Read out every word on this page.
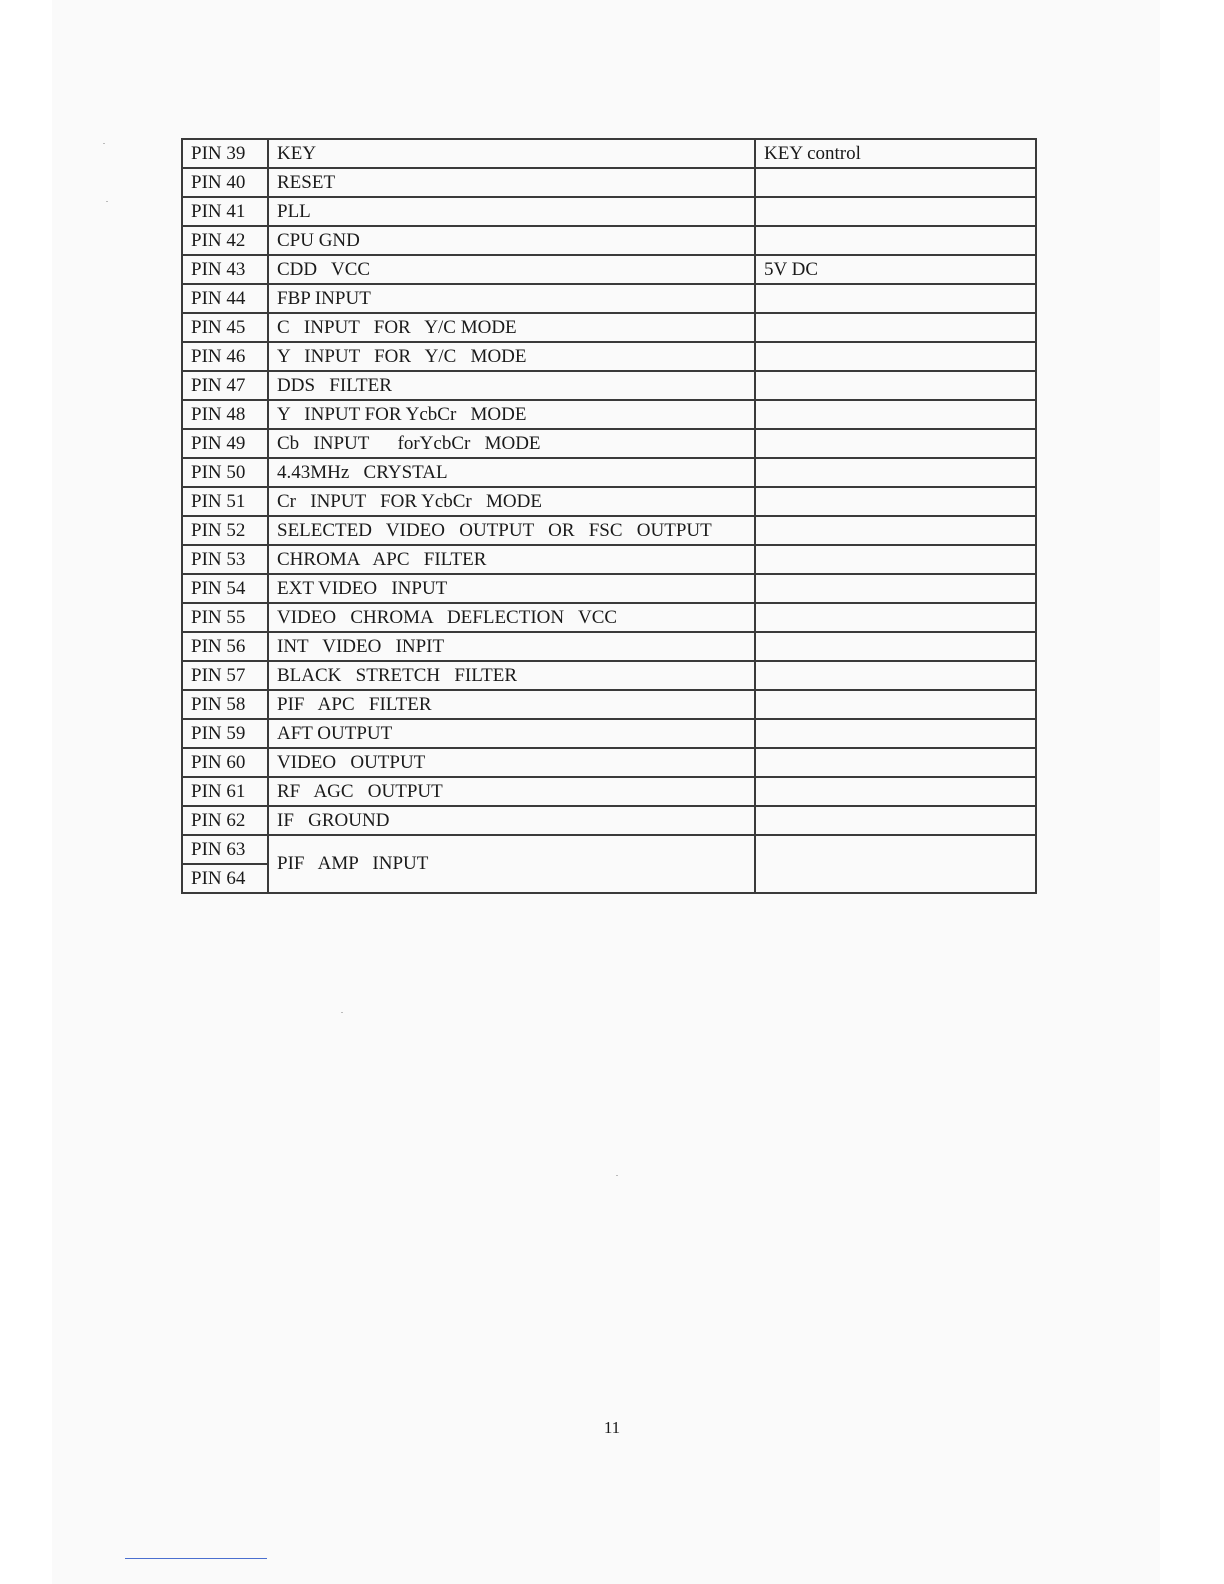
PIN 39	KEY	KEY control
PIN 40	RESET	
PIN 41	PLL	
PIN 42	CPU GND	
PIN 43	CDD   VCC	5V DC
PIN 44	FBP INPUT	
PIN 45	C   INPUT   FOR   Y/C MODE	
PIN 46	Y   INPUT   FOR   Y/C   MODE	
PIN 47	DDS   FILTER	
PIN 48	Y   INPUT FOR YcbCr   MODE	
PIN 49	Cb   INPUT      forYcbCr   MODE	
PIN 50	4.43MHz   CRYSTAL	
PIN 51	Cr   INPUT   FOR YcbCr   MODE	
PIN 52	SELECTED   VIDEO   OUTPUT   OR   FSC   OUTPUT	
PIN 53	CHROMA   APC   FILTER	
PIN 54	EXT VIDEO   INPUT	
PIN 55	VIDEO   CHROMA   DEFLECTION   VCC	
PIN 56	INT   VIDEO   INPIT	
PIN 57	BLACK   STRETCH   FILTER	
PIN 58	PIF   APC   FILTER	
PIN 59	AFT OUTPUT	
PIN 60	VIDEO   OUTPUT	
PIN 61	RF   AGC   OUTPUT	
PIN 62	IF   GROUND	
PIN 63	PIF   AMP   INPUT	
PIN 64		
11
